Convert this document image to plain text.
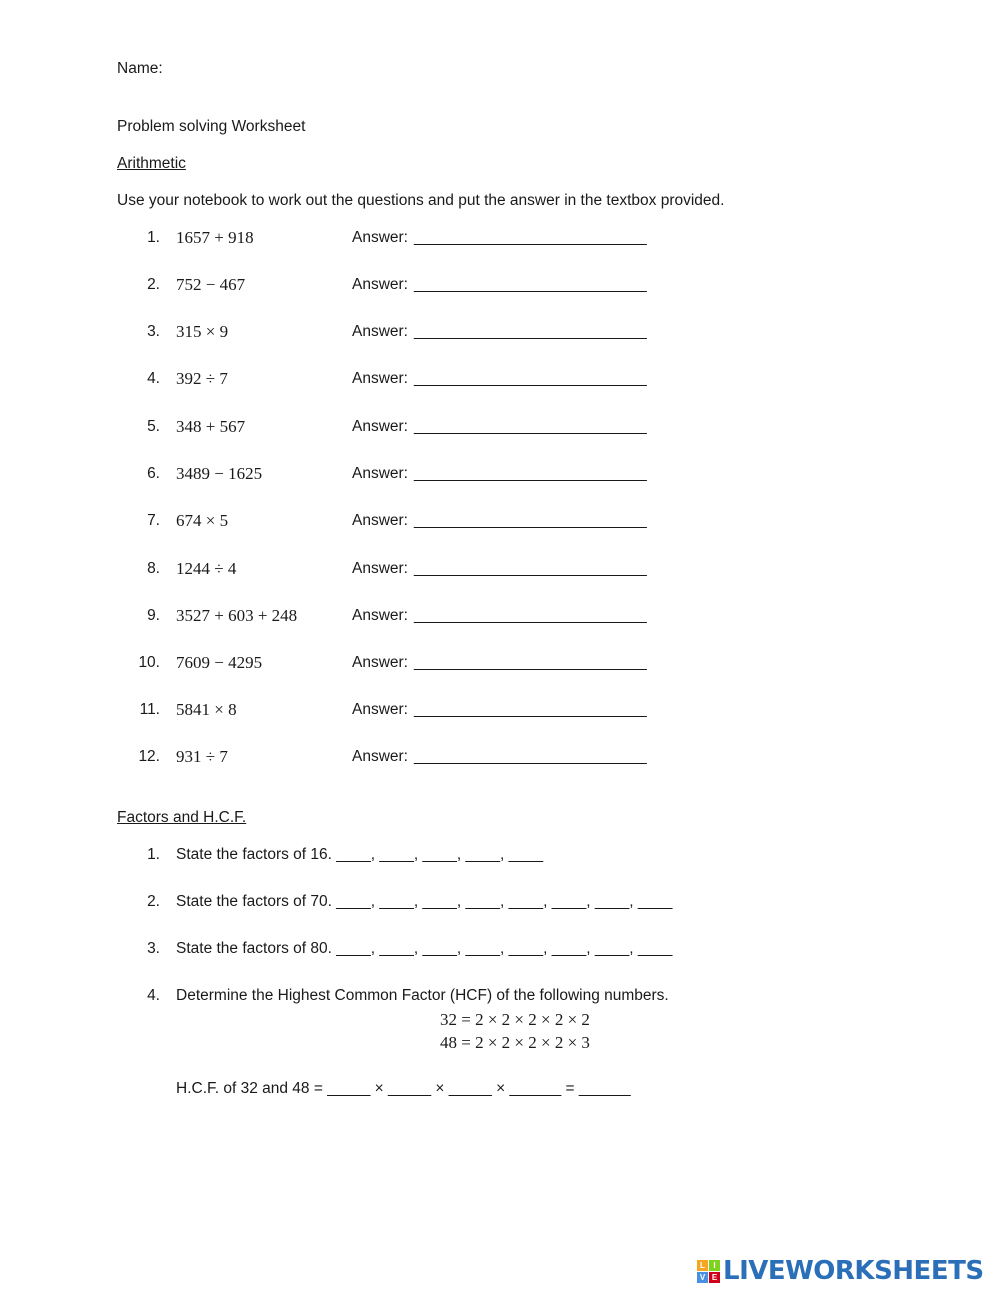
Name:
Problem solving Worksheet
Arithmetic
Use your notebook to work out the questions and put the answer in the textbox provided.
1. 1657 + 918	Answer: ___________________________
2. 752 − 467	Answer: ___________________________
3. 315 × 9	Answer: ___________________________
4. 392 ÷ 7	Answer: ___________________________
5. 348 + 567	Answer: ___________________________
6. 3489 − 1625	Answer: ___________________________
7. 674 × 5	Answer: ___________________________
8. 1244 ÷ 4	Answer: ___________________________
9. 3527 + 603 + 248	Answer: ___________________________
10. 7609 − 4295	Answer: ___________________________
11. 5841 × 8	Answer: ___________________________
12. 931 ÷ 7	Answer: ___________________________
Factors and H.C.F.
1. State the factors of 16. ____, ____, ____, ____, ____
2. State the factors of 70. ____, ____, ____, ____, ____, ____, ____, ____
3. State the factors of 80. ____, ____, ____, ____, ____, ____, ____, ____
4. Determine the Highest Common Factor (HCF) of the following numbers.
32 = 2 × 2 × 2 × 2 × 2
48 = 2 × 2 × 2 × 2 × 3
H.C.F. of 32 and 48 = _____ × _____ × _____ × ______ = ______
L	I
V E LIVEWORKSHEETS
